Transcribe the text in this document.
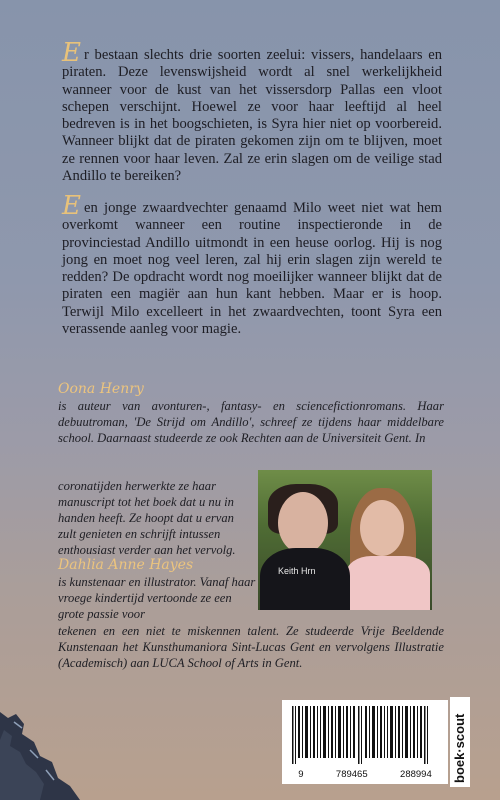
Er bestaan slechts drie soorten zeelui: vissers, handelaars en piraten. Deze levenswijsheid wordt al snel werkelijkheid wanneer voor de kust van het vissersdorp Pallas een vloot schepen verschijnt. Hoewel ze voor haar leeftijd al heel bedreven is in het boogschieten, is Syra hier niet op voorbereid. Wanneer blijkt dat de piraten gekomen zijn om te blijven, moet ze rennen voor haar leven. Zal ze erin slagen om de veilige stad Andillo te bereiken?

Een jonge zwaardvechter genaamd Milo weet niet wat hem overkomt wanneer een routine inspectieronde in de provinciestad Andillo uitmondt in een heuse oorlog. Hij is nog jong en moet nog veel leren, zal hij erin slagen zijn wereld te redden? De opdracht wordt nog moeilijker wanneer blijkt dat de piraten een magiër aan hun kant hebben. Maar er is hoop. Terwijl Milo excelleert in het zwaardvechten, toont Syra een verassende aanleg voor magie.

Oona Henry

is auteur van avonturen-, fantasy- en sciencefictionromans. Haar debuutroman, 'De Strijd om Andillo', schreef ze tijdens haar middelbare school. Daarnaast studeerde ze ook Rechten aan de Universiteit Gent. In

coronatijden herwerkte ze haar manuscript tot het boek dat u nu in handen heeft. Ze hoopt dat u ervan zult genieten en schrijft intussen enthousiast verder aan het vervolg.

Keith Hrn
Dahlia Anne Hayes

is kunstenaar en illustrator. Vanaf haar vroege kindertijd vertoonde ze een grote passie voor

tekenen en een niet te miskennen talent. Ze studeerde Vrije Beeldende Kunstenaan het Kunsthumaniora Sint-Lucas Gent en vervolgens Illustratie (Academisch) aan LUCA School of Arts in Gent.

9	789465	288994 boek·scout
